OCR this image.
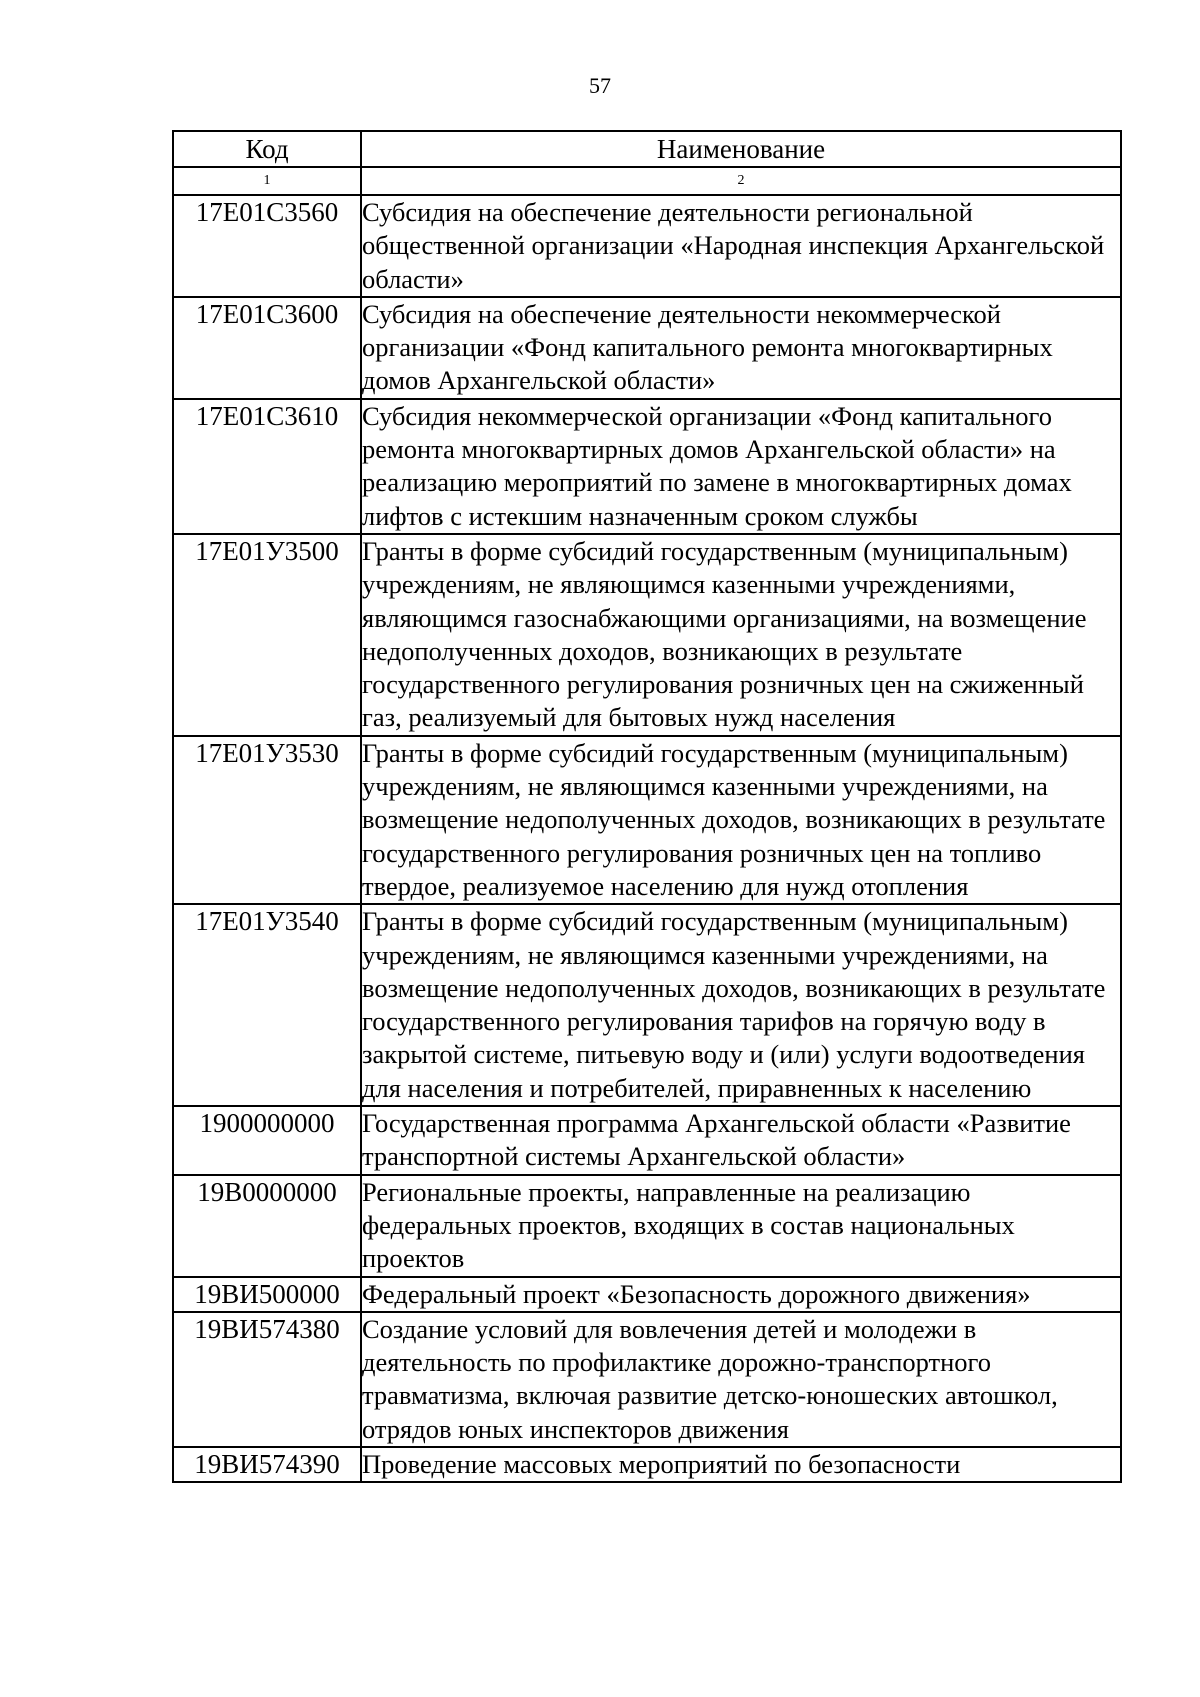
57
Код	Наименование
1	2
17Е01С3560	Субсидия на обеспечение деятельности региональной общественной организации «Народная инспекция Архангельской области»
17Е01С3600	Субсидия на обеспечение деятельности некоммерческой организации «Фонд капитального ремонта многоквартирных домов Архангельской области»
17Е01С3610	Субсидия некоммерческой организации «Фонд капитального ремонта многоквартирных домов Архангельской области» на реализацию мероприятий по замене в многоквартирных домах лифтов с истекшим назначенным сроком службы
17Е01У3500	Гранты в форме субсидий государственным (муниципальным) учреждениям, не являющимся казенными учреждениями, являющимся газоснабжающими организациями, на возмещение недополученных доходов, возникающих в результате государственного регулирования розничных цен на сжиженный газ, реализуемый для бытовых нужд населения
17Е01У3530	Гранты в форме субсидий государственным (муниципальным) учреждениям, не являющимся казенными учреждениями, на возмещение недополученных доходов, возникающих в результате государственного регулирования розничных цен на топливо твердое, реализуемое населению для нужд отопления
17Е01У3540	Гранты в форме субсидий государственным (муниципальным) учреждениям, не являющимся казенными учреждениями, на возмещение недополученных доходов, возникающих в результате государственного регулирования тарифов на горячую воду в закрытой системе, питьевую воду и (или) услуги водоотведения для населения и потребителей, приравненных к населению
1900000000	Государственная программа Архангельской области «Развитие транспортной системы Архангельской области»
19В0000000	Региональные проекты, направленные на реализацию федеральных проектов, входящих в состав национальных проектов
19ВИ500000	Федеральный проект «Безопасность дорожного движения»
19ВИ574380	Создание условий для вовлечения детей и молодежи в деятельность по профилактике дорожно-транспортного травматизма, включая развитие детско-юношеских автошкол, отрядов юных инспекторов движения
19ВИ574390	Проведение массовых мероприятий по безопасности
